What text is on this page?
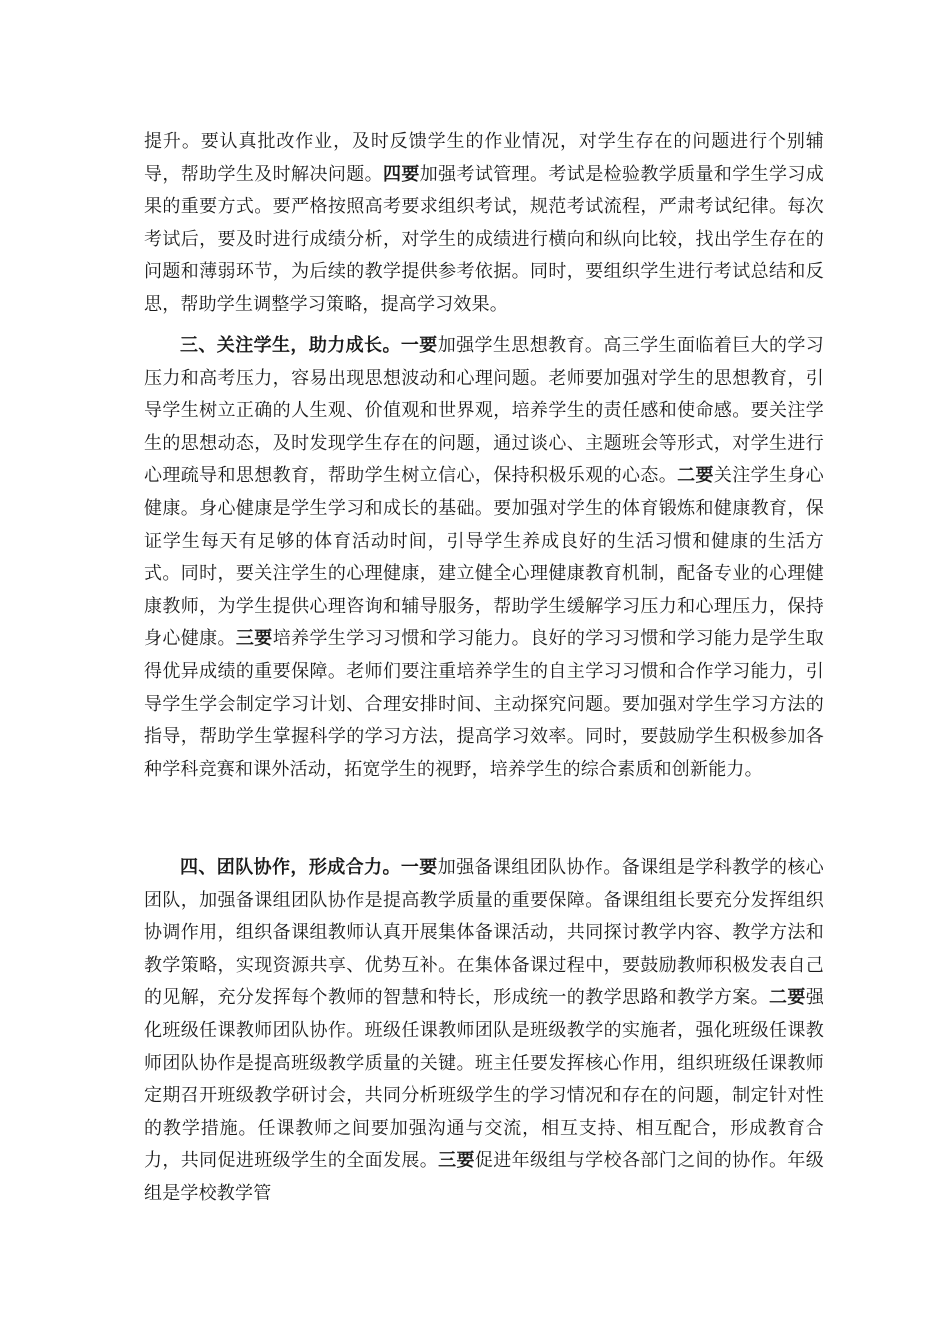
提升。要认真批改作业，及时反馈学生的作业情况，对学生存在的问题进行个别辅导，帮助学生及时解决问题。四要加强考试管理。考试是检验教学质量和学生学习成果的重要方式。要严格按照高考要求组织考试，规范考试流程，严肃考试纪律。每次考试后，要及时进行成绩分析，对学生的成绩进行横向和纵向比较，找出学生存在的问题和薄弱环节，为后续的教学提供参考依据。同时，要组织学生进行考试总结和反思，帮助学生调整学习策略，提高学习效果。

三、关注学生，助力成长。一要加强学生思想教育。高三学生面临着巨大的学习压力和高考压力，容易出现思想波动和心理问题。老师要加强对学生的思想教育，引导学生树立正确的人生观、价值观和世界观，培养学生的责任感和使命感。要关注学生的思想动态，及时发现学生存在的问题，通过谈心、主题班会等形式，对学生进行心理疏导和思想教育，帮助学生树立信心，保持积极乐观的心态。二要关注学生身心健康。身心健康是学生学习和成长的基础。要加强对学生的体育锻炼和健康教育，保证学生每天有足够的体育活动时间，引导学生养成良好的生活习惯和健康的生活方式。同时，要关注学生的心理健康，建立健全心理健康教育机制，配备专业的心理健康教师，为学生提供心理咨询和辅导服务，帮助学生缓解学习压力和心理压力，保持身心健康。三要培养学生学习习惯和学习能力。良好的学习习惯和学习能力是学生取得优异成绩的重要保障。老师们要注重培养学生的自主学习习惯和合作学习能力，引导学生学会制定学习计划、合理安排时间、主动探究问题。要加强对学生学习方法的指导，帮助学生掌握科学的学习方法，提高学习效率。同时，要鼓励学生积极参加各种学科竞赛和课外活动，拓宽学生的视野，培养学生的综合素质和创新能力。

四、团队协作，形成合力。一要加强备课组团队协作。备课组是学科教学的核心团队，加强备课组团队协作是提高教学质量的重要保障。备课组组长要充分发挥组织协调作用，组织备课组教师认真开展集体备课活动，共同探讨教学内容、教学方法和教学策略，实现资源共享、优势互补。在集体备课过程中，要鼓励教师积极发表自己的见解，充分发挥每个教师的智慧和特长，形成统一的教学思路和教学方案。二要强化班级任课教师团队协作。班级任课教师团队是班级教学的实施者，强化班级任课教师团队协作是提高班级教学质量的关键。班主任要发挥核心作用，组织班级任课教师定期召开班级教学研讨会，共同分析班级学生的学习情况和存在的问题，制定针对性的教学措施。任课教师之间要加强沟通与交流，相互支持、相互配合，形成教育合力，共同促进班级学生的全面发展。三要促进年级组与学校各部门之间的协作。年级组是学校教学管
